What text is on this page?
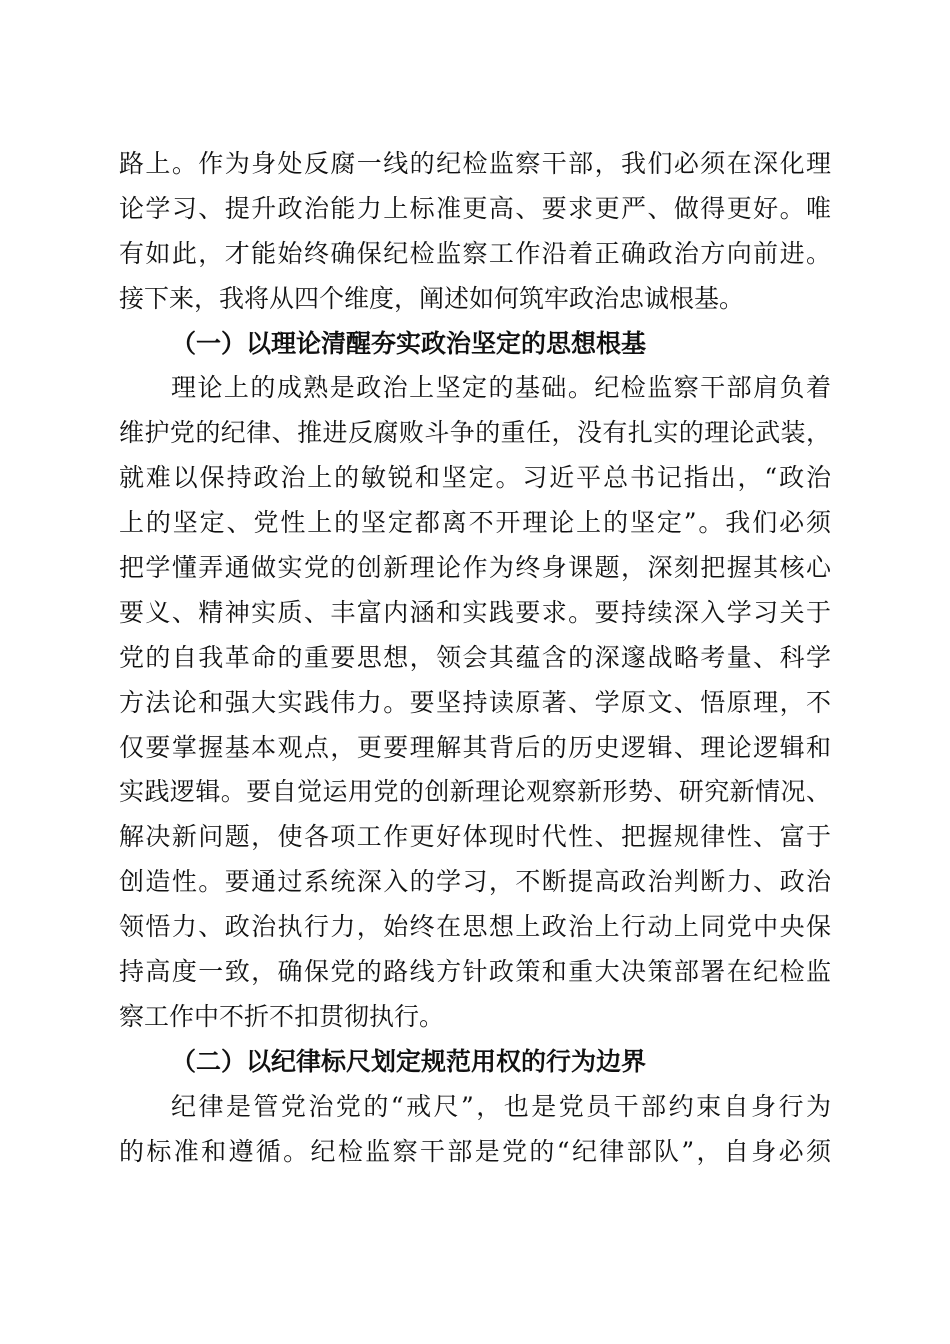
路上。作为身处反腐一线的纪检监察干部，我们必须在深化理
论学习、提升政治能力上标准更高、要求更严、做得更好。唯
有如此，才能始终确保纪检监察工作沿着正确政治方向前进。
接下来，我将从四个维度，阐述如何筑牢政治忠诚根基。
（一）以理论清醒夯实政治坚定的思想根基
理论上的成熟是政治上坚定的基础。纪检监察干部肩负着
维护党的纪律、推进反腐败斗争的重任，没有扎实的理论武装，
就难以保持政治上的敏锐和坚定。习近平总书记指出，“政治
上的坚定、党性上的坚定都离不开理论上的坚定”。我们必须
把学懂弄通做实党的创新理论作为终身课题，深刻把握其核心
要义、精神实质、丰富内涵和实践要求。要持续深入学习关于
党的自我革命的重要思想，领会其蕴含的深邃战略考量、科学
方法论和强大实践伟力。要坚持读原著、学原文、悟原理，不
仅要掌握基本观点，更要理解其背后的历史逻辑、理论逻辑和
实践逻辑。要自觉运用党的创新理论观察新形势、研究新情况、
解决新问题，使各项工作更好体现时代性、把握规律性、富于
创造性。要通过系统深入的学习，不断提高政治判断力、政治
领悟力、政治执行力，始终在思想上政治上行动上同党中央保
持高度一致，确保党的路线方针政策和重大决策部署在纪检监
察工作中不折不扣贯彻执行。
（二）以纪律标尺划定规范用权的行为边界
纪律是管党治党的“戒尺”，也是党员干部约束自身行为
的标准和遵循。纪检监察干部是党的“纪律部队”，自身必须
